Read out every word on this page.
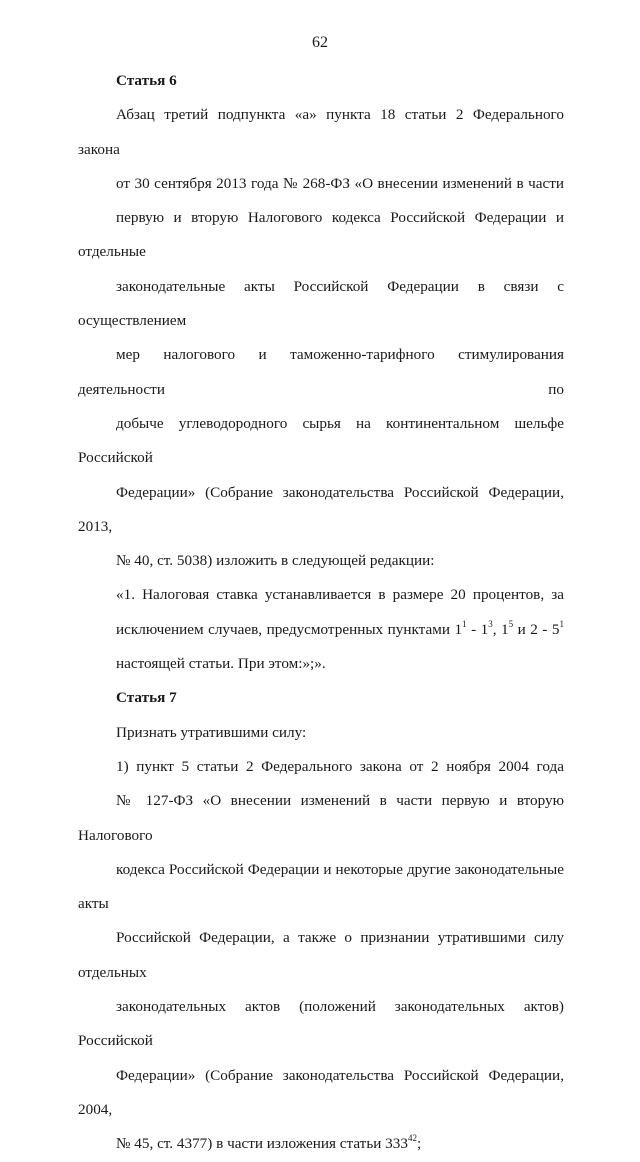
62
Статья 6

Абзац третий подпункта «а» пункта 18 статьи 2 Федерального закона
от 30 сентября 2013 года № 268-ФЗ «О внесении изменений в части
первую и вторую Налогового кодекса Российской Федерации и отдельные
законодательные акты Российской Федерации в связи с осуществлением
мер налогового и таможенно-тарифного стимулирования деятельности по
добыче углеводородного сырья на континентальном шельфе Российской
Федерации» (Собрание законодательства Российской Федерации, 2013,
№ 40, ст. 5038) изложить в следующей редакции:

«1. Налоговая ставка устанавливается в размере 20 процентов, за
исключением случаев, предусмотренных пунктами $1^1 - 1^3$, $1^5$ и $2 - 5^1$
настоящей статьи. При этом:»;».

Статья 7

Признать утратившими силу:

1) пункт 5 статьи 2 Федерального закона от 2 ноября 2004 года
№ 127-ФЗ «О внесении изменений в части первую и вторую Налогового
кодекса Российской Федерации и некоторые другие законодательные акты
Российской Федерации, а также о признании утратившими силу отдельных
законодательных актов (положений законодательных актов) Российской
Федерации» (Собрание законодательства Российской Федерации, 2004,
№ 45, ст. 4377) в части изложения статьи $333^{42}$;
